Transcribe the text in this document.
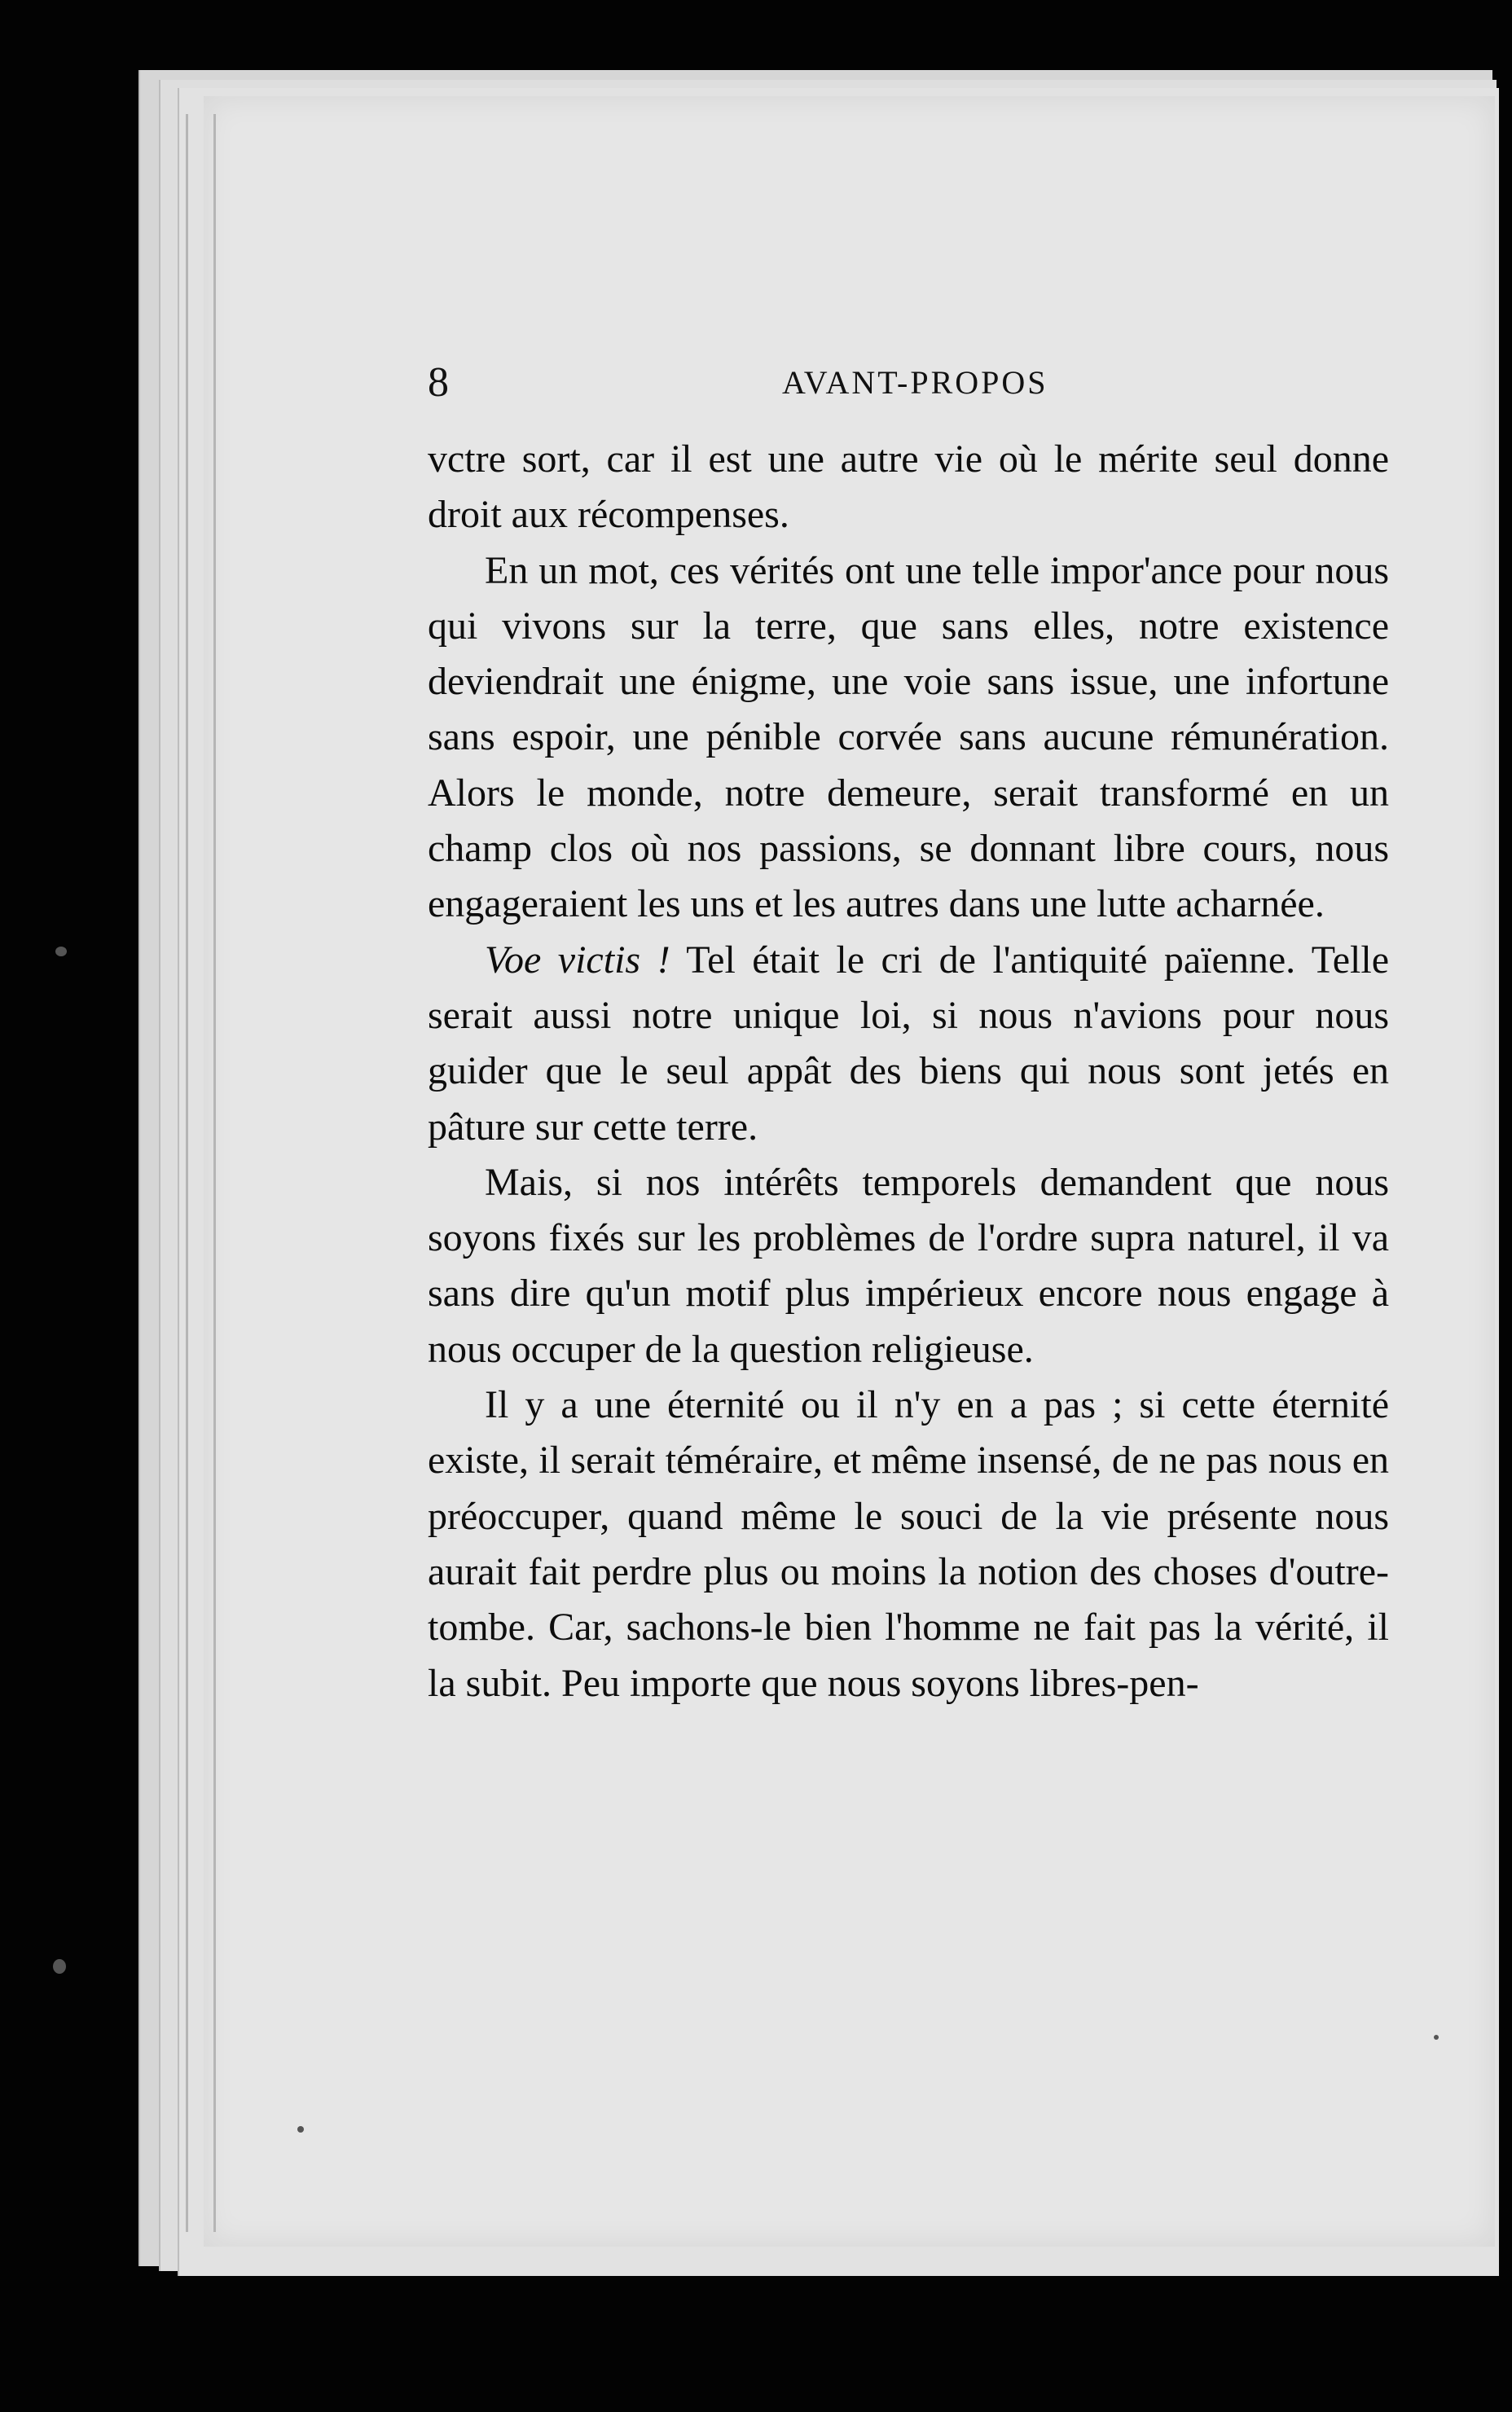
8	AVANT-PROPOS

vctre sort, car il est une autre vie où le mérite seul donne droit aux récompenses.

En un mot, ces vérités ont une telle impor'ance pour nous qui vivons sur la terre, que sans elles, notre existence deviendrait une énigme, une voie sans issue, une infortune sans espoir, une pénible corvée sans aucune rémunération. Alors le monde, notre demeure, serait transformé en un champ clos où nos passions, se donnant libre cours, nous engageraient les uns et les autres dans une lutte acharnée.

Voe victis ! Tel était le cri de l'antiquité païenne. Telle serait aussi notre unique loi, si nous n'avions pour nous guider que le seul appât des biens qui nous sont jetés en pâture sur cette terre.

Mais, si nos intérêts temporels demandent que nous soyons fixés sur les problèmes de l'ordre supra naturel, il va sans dire qu'un motif plus impérieux encore nous engage à nous occuper de la question religieuse.

Il y a une éternité ou il n'y en a pas ; si cette éternité existe, il serait téméraire, et même insensé, de ne pas nous en préoccuper, quand même le souci de la vie présente nous aurait fait perdre plus ou moins la notion des choses d'outre-tombe. Car, sachons-le bien l'homme ne fait pas la vérité, il la subit. Peu importe que nous soyons libres-pen-
